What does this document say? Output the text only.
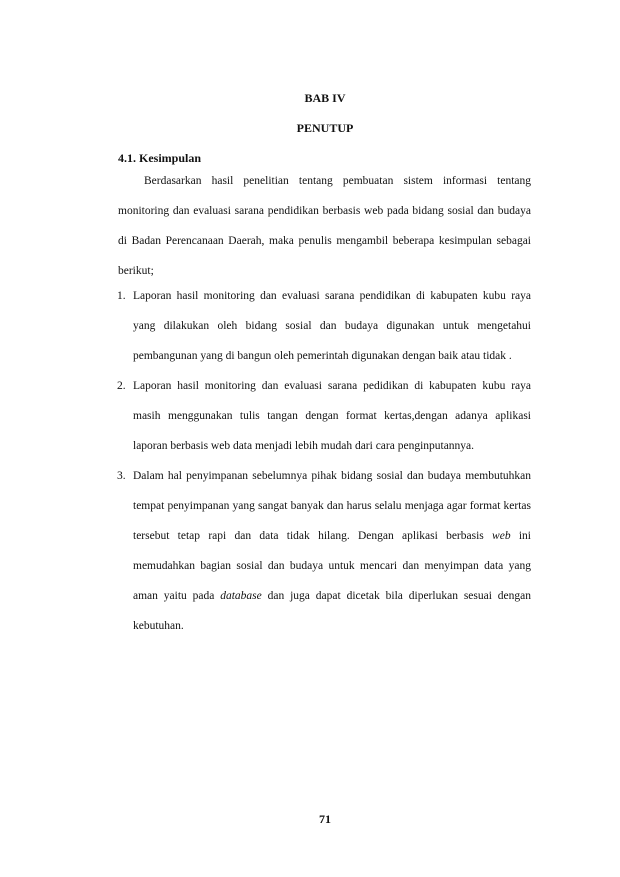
BAB IV
PENUTUP
4.1. Kesimpulan

Berdasarkan hasil penelitian tentang pembuatan sistem informasi tentang monitoring dan evaluasi sarana pendidikan berbasis web pada bidang sosial dan budaya di Badan Perencanaan Daerah, maka penulis mengambil beberapa kesimpulan sebagai berikut;

1. Laporan hasil monitoring dan evaluasi sarana pendidikan di kabupaten kubu raya yang dilakukan oleh bidang sosial dan budaya digunakan untuk mengetahui pembangunan yang di bangun oleh pemerintah digunakan dengan baik atau tidak .
2. Laporan hasil monitoring dan evaluasi sarana pedidikan di kabupaten kubu raya masih menggunakan tulis tangan dengan format kertas,dengan adanya aplikasi laporan berbasis web data menjadi lebih mudah dari cara penginputannya.
3. Dalam hal penyimpanan sebelumnya pihak bidang sosial dan budaya membutuhkan tempat penyimpanan yang sangat banyak dan harus selalu menjaga agar format kertas tersebut tetap rapi dan data tidak hilang. Dengan aplikasi berbasis web ini memudahkan bagian sosial dan budaya untuk mencari dan menyimpan data yang aman yaitu pada database dan juga dapat dicetak bila diperlukan sesuai dengan kebutuhan.
71
